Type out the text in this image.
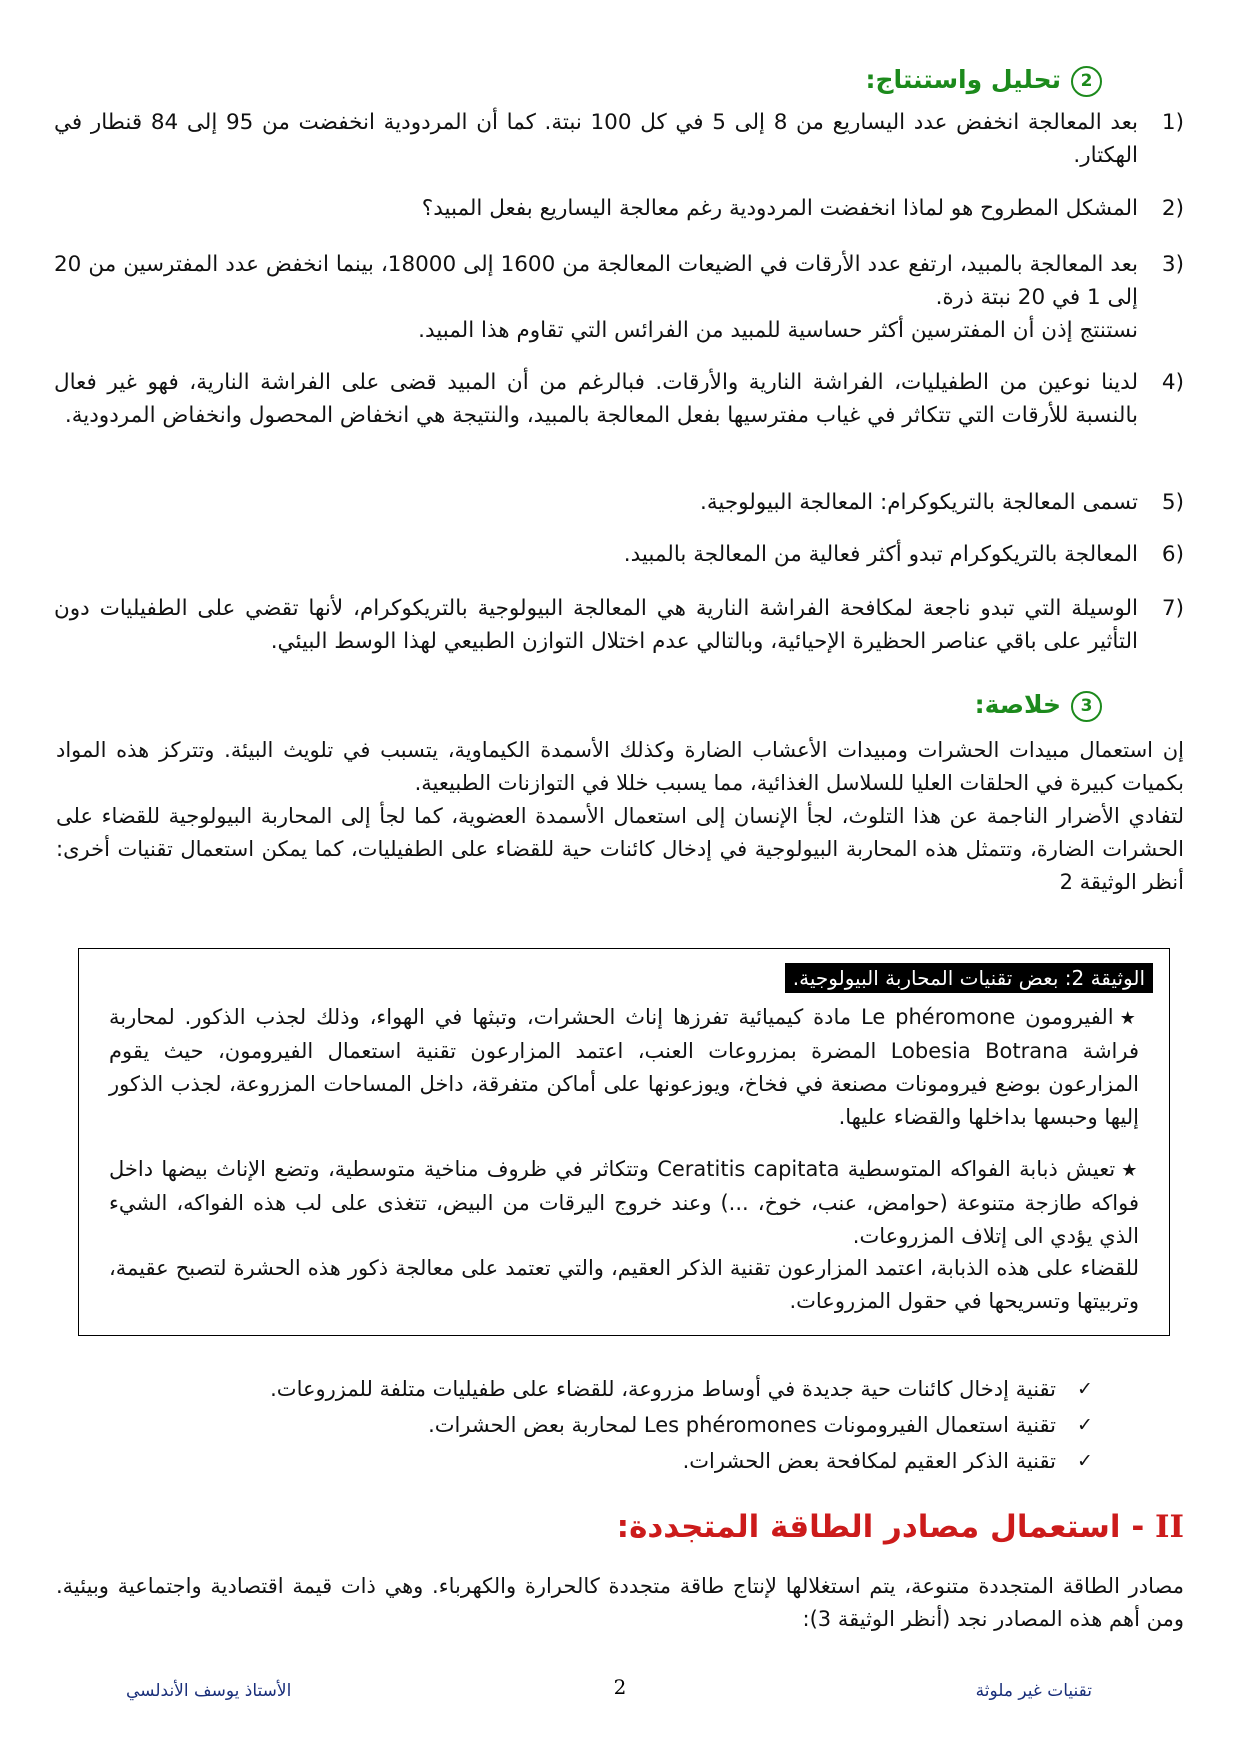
2تحليل واستنتاج:
1)
بعد المعالجة انخفض عدد اليساريع من 8 إلى 5 في كل 100 نبتة. كما أن المردودية انخفضت من 95 إلى 84 قنطار في الهكتار.
2)
المشكل المطروح هو لماذا انخفضت المردودية رغم معالجة اليساريع بفعل المبيد؟
3)
بعد المعالجة بالمبيد، ارتفع عدد الأرقات في الضيعات المعالجة من 1600 إلى 18000، بينما انخفض عدد المفترسين من 20 إلى 1 في 20 نبتة ذرة.
نستنتج إذن أن المفترسين أكثر حساسية للمبيد من الفرائس التي تقاوم هذا المبيد.
4)
لدينا نوعين من الطفيليات، الفراشة النارية والأرقات. فبالرغم من أن المبيد قضى على الفراشة النارية، فهو غير فعال بالنسبة للأرقات التي تتكاثر في غياب مفترسيها بفعل المعالجة بالمبيد، والنتيجة هي انخفاض المحصول وانخفاض المردودية.
5)
تسمى المعالجة بالتريكوكرام: المعالجة البيولوجية.
6)
المعالجة بالتريكوكرام تبدو أكثر فعالية من المعالجة بالمبيد.
7)
الوسيلة التي تبدو ناجعة لمكافحة الفراشة النارية هي المعالجة البيولوجية بالتريكوكرام، لأنها تقضي على الطفيليات دون التأثير على باقي عناصر الحظيرة الإحيائية، وبالتالي عدم اختلال التوازن الطبيعي لهذا الوسط البيئي.
3خلاصة:
إن استعمال مبيدات الحشرات ومبيدات الأعشاب الضارة وكذلك الأسمدة الكيماوية، يتسبب في تلويث البيئة. وتتركز هذه المواد بكميات كبيرة في الحلقات العليا للسلاسل الغذائية، مما يسبب خللا في التوازنات الطبيعية.
لتفادي الأضرار الناجمة عن هذا التلوث، لجأ الإنسان إلى استعمال الأسمدة العضوية، كما لجأ إلى المحاربة البيولوجية للقضاء على الحشرات الضارة، وتتمثل هذه المحاربة البيولوجية في إدخال كائنات حية للقضاء على الطفيليات، كما يمكن استعمال تقنيات أخرى: أنظر الوثيقة 2
الوثيقة 2: بعض تقنيات المحاربة البيولوجية.
★الفيرومون Le phéromone مادة كيميائية تفرزها إناث الحشرات، وتبثها في الهواء، وذلك لجذب الذكور. لمحاربة فراشة Lobesia Botrana المضرة بمزروعات العنب، اعتمد المزارعون تقنية استعمال الفيرومون، حيث يقوم المزارعون بوضع فيرومونات مصنعة في فخاخ، ويوزعونها على أماكن متفرقة، داخل المساحات المزروعة، لجذب الذكور إليها وحبسها بداخلها والقضاء عليها.
★تعيش ذبابة الفواكه المتوسطية Ceratitis capitata وتتكاثر في ظروف مناخية متوسطية، وتضع الإناث بيضها داخل فواكه طازجة متنوعة (حوامض، عنب، خوخ، ...) وعند خروج اليرقات من البيض، تتغذى على لب هذه الفواكه، الشيء الذي يؤدي الى إتلاف المزروعات.
للقضاء على هذه الذبابة، اعتمد المزارعون تقنية الذكر العقيم، والتي تعتمد على معالجة ذكور هذه الحشرة لتصبح عقيمة، وتربيتها وتسريحها في حقول المزروعات.
✓
تقنية إدخال كائنات حية جديدة في أوساط مزروعة، للقضاء على طفيليات متلفة للمزروعات.
✓
تقنية استعمال الفيرومونات Les phéromones لمحاربة بعض الحشرات.
✓
تقنية الذكر العقيم لمكافحة بعض الحشرات.
II - استعمال مصادر الطاقة المتجددة:
مصادر الطاقة المتجددة متنوعة، يتم استغلالها لإنتاج طاقة متجددة كالحرارة والكهرباء. وهي ذات قيمة اقتصادية واجتماعية وبيئية. ومن أهم هذه المصادر نجد (أنظر الوثيقة 3):
تقنيات غير ملوثة
2
الأستاذ يوسف الأندلسي
